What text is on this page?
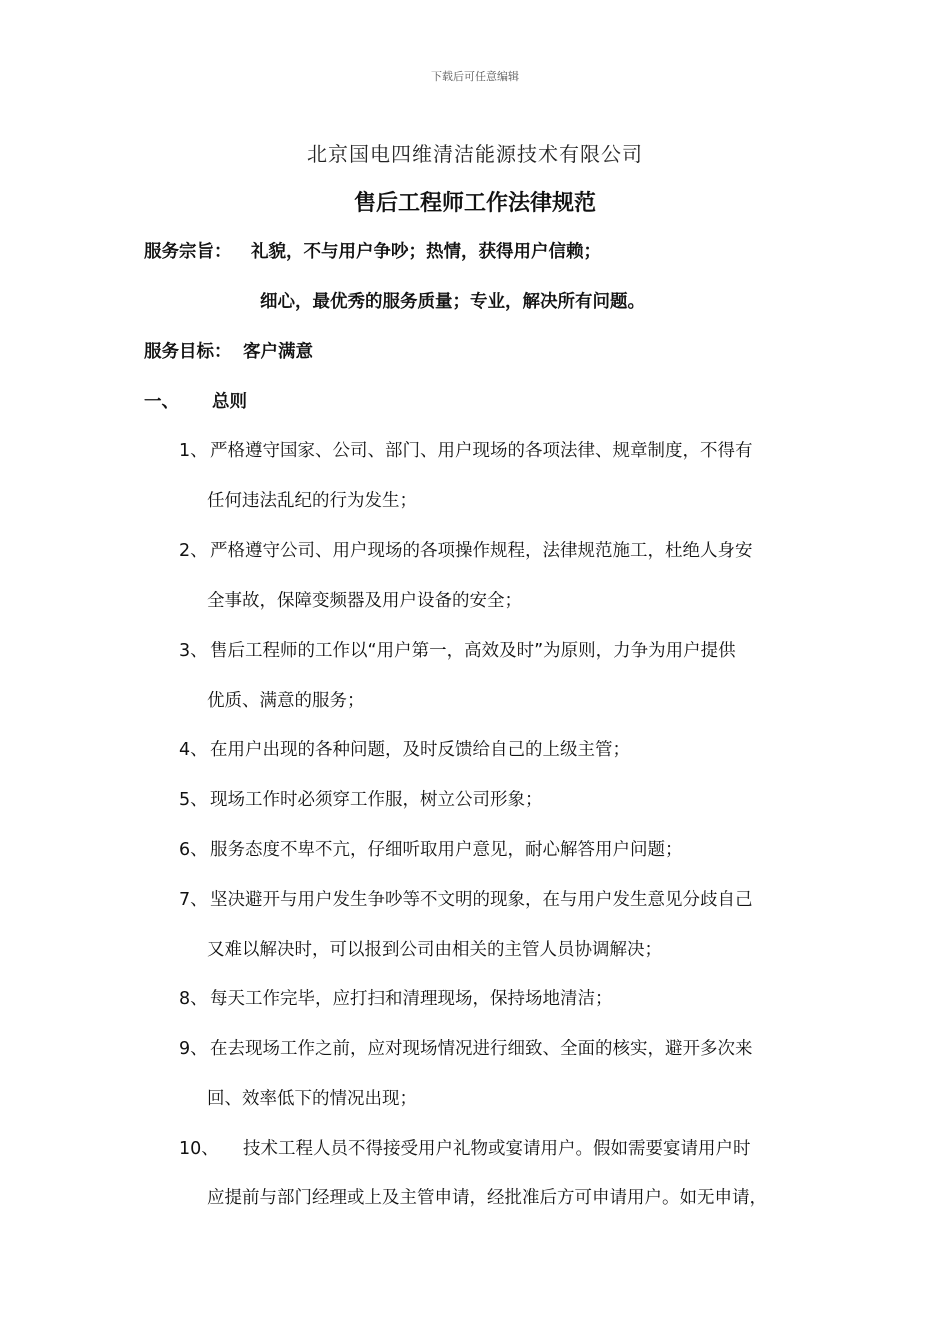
下载后可任意编辑
北京国电四维清洁能源技术有限公司
售后工程师工作法律规范
服务宗旨： 礼貌，不与用户争吵；热情，获得用户信赖；
细心，最优秀的服务质量；专业，解决所有问题。
服务目标： 客户满意
一、 总则
1、 严格遵守国家、公司、部门、用户现场的各项法律、规章制度，不得有
任何违法乱纪的行为发生；
2、 严格遵守公司、用户现场的各项操作规程，法律规范施工，杜绝人身安
全事故，保障变频器及用户设备的安全；
3、 售后工程师的工作以“用户第一，高效及时”为原则，力争为用户提供
优质、满意的服务；
4、 在用户出现的各种问题，及时反馈给自己的上级主管；
5、 现场工作时必须穿工作服，树立公司形象；
6、 服务态度不卑不亢，仔细听取用户意见，耐心解答用户问题；
7、 坚决避开与用户发生争吵等不文明的现象，在与用户发生意见分歧自己
又难以解决时，可以报到公司由相关的主管人员协调解决；
8、 每天工作完毕，应打扫和清理现场，保持场地清洁；
9、 在去现场工作之前，应对现场情况进行细致、全面的核实，避开多次来
回、效率低下的情况出现；
10、 技术工程人员不得接受用户礼物或宴请用户。假如需要宴请用户时
应提前与部门经理或上及主管申请，经批准后方可申请用户。如无申请，
